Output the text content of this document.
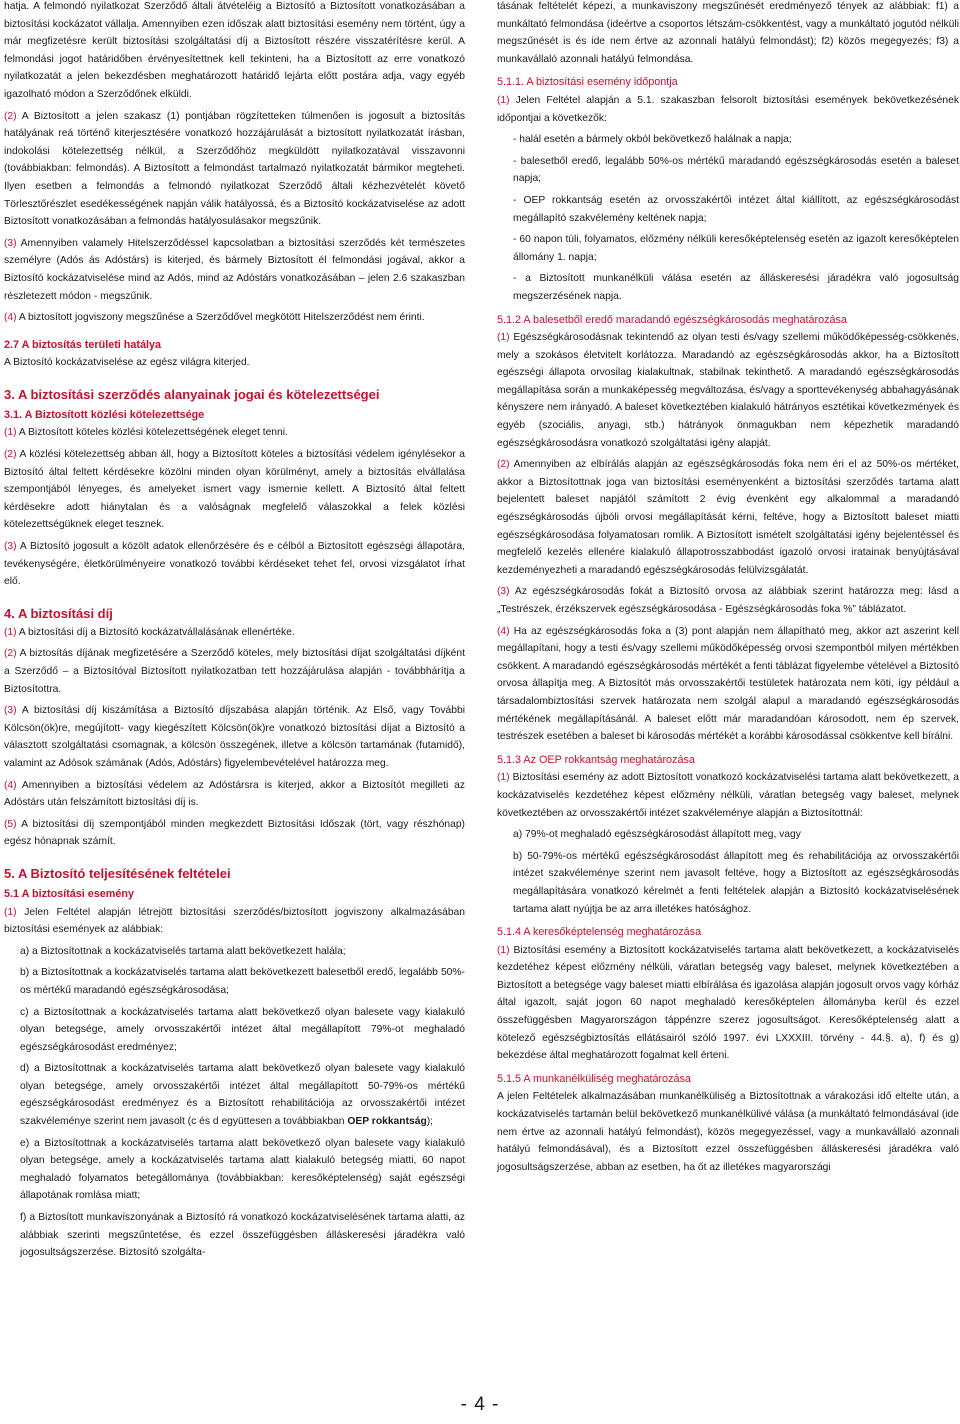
hatja. A felmondó nyilatkozat Szerződő általi átvételéig a Biztosító a Biztosított vonatkozásában a biztosítási kockázatot vállalja. Amennyiben ezen időszak alatt biztosítási esemény nem történt, úgy a már megfizetésre került biztosítási szolgáltatási díj a Biztosított részére visszatérítésre kerül. A felmondási jogot határidőben érvényesítettnek kell tekinteni, ha a Biztosított az erre vonatkozó nyilatkozatát a jelen bekezdésben meghatározott határidő lejárta előtt postára adja, vagy egyéb igazolható módon a Szerződőnek elküldi.

(2) A Biztosított a jelen szakasz (1) pontjában rögzítetteken túlmenően is jogosult a biztosítás hatályának reá történő kiterjesztésére vonatkozó hozzájárulását a biztosított nyilatkozatát írásban, indokolási kötelezettség nélkül, a Szerződőhöz megküldött nyilatkozatával visszavonni (továbbiakban: felmondás). A Biztosított a felmondást tartalmazó nyilatkozatát bármikor megteheti. Ilyen esetben a felmondás a felmondó nyilatkozat Szerződő általi kézhezvételét követő Törlesztőrészlet esedékességének napján válik hatályossá, és a Biztosító kockázatviselése az adott Biztosított vonatkozásában a felmondás hatályosulásakor megszűnik.

(3) Amennyiben valamely Hitelszerződéssel kapcsolatban a biztosítási szerződés két természetes személyre (Adós ás Adóstárs) is kiterjed, és bármely Biztosított él felmondási jogával, akkor a Biztosító kockázatviselése mind az Adós, mind az Adóstárs vonatkozásában – jelen 2.6 szakaszban részletezett módon - megszűnik.

(4) A biztosított jogviszony megszűnése a Szerződővel megkötött Hitelszerződést nem érinti.

2.7 A biztosítás területi hatálya

A Biztosító kockázatviselése az egész világra kiterjed.

3. A biztosítási szerződés alanyainak jogai és kötelezettségei

3.1. A Biztosított közlési kötelezettsége

(1) A Biztosított köteles közlési kötelezettségének eleget tenni.

(2) A közlési kötelezettség abban áll, hogy a Biztosított köteles a biztosítási védelem igénylésekor a Biztosító által feltett kérdésekre közölni minden olyan körülményt, amely a biztosítás elvállalása szempontjából lényeges, és amelyeket ismert vagy ismernie kellett. A Biztosító által feltett kérdésekre adott hiánytalan és a valóságnak megfelelő válaszokkal a felek közlési kötelezettségüknek eleget tesznek.

(3) A Biztosító jogosult a közölt adatok ellenőrzésére és e célból a Biztosított egészségi állapotára, tevékenységére, életkörülményeire vonatkozó további kérdéseket tehet fel, orvosi vizsgálatot írhat elő.

4. A biztosítási díj

(1) A biztosítási díj a Biztosító kockázatvállalásának ellenértéke.

(2) A biztosítás díjának megfizetésére a Szerződő köteles, mely biztosítási díjat szolgáltatási díjként a Szerződő – a Biztosítóval Biztosított nyilatkozatban tett hozzájárulása alapján - továbbhárítja a Biztosítottra.

(3) A biztosítási díj kiszámítása a Biztosító díjszabása alapján történik. Az Első, vagy További Kölcsön(ök)re, megújított- vagy kiegészített Kölcsön(ök)re vonatkozó biztosítási díjat a Biztosító a választott szolgáltatási csomagnak, a kölcsön összegének, illetve a kölcsön tartamának (futamidő), valamint az Adósok számának (Adós, Adóstárs) figyelembevételével határozza meg.

(4) Amennyiben a biztosítási védelem az Adóstársra is kiterjed, akkor a Biztosítót megilleti az Adóstárs után felszámított biztosítási díj is.

(5) A biztosítási díj szempontjából minden megkezdett Biztosítási Időszak (tört, vagy részhónap) egész hónapnak számít.

5. A Biztosító teljesítésének feltételei

5.1 A biztosítási esemény

(1) Jelen Feltétel alapján létrejött biztosítási szerződés/biztosított jogviszony alkalmazásában biztosítási események az alábbiak:

a) a Biztosítottnak a kockázatviselés tartama alatt bekövetkezett halála;

b) a Biztosítottnak a kockázatviselés tartama alatt bekövetkezett balesetből eredő, legalább 50%-os mértékű maradandó egészségkárosodása;

c) a Biztosítottnak a kockázatviselés tartama alatt bekövetkező olyan balesete vagy kialakuló olyan betegsége, amely orvosszakértői intézet által megállapított 79%-ot meghaladó egészségkárosodást eredményez;

d) a Biztosítottnak a kockázatviselés tartama alatt bekövetkező olyan balesete vagy kialakuló olyan betegsége, amely orvosszakértői intézet által megállapított 50-79%-os mértékű egészségkárosodást eredményez és a Biztosított rehabilitációja az orvosszakértői intézet szakvéleménye szerint nem javasolt (c és d együttesen a továbbiakban OEP rokkantság);

e) a Biztosítottnak a kockázatviselés tartama alatt bekövetkező olyan balesete vagy kialakuló olyan betegsége, amely a kockázatviselés tartama alatt kialakuló betegség miatti, 60 napot meghaladó folyamatos betegállománya (továbbiakban: keresőképtelenség) saját egészségi állapotának romlása miatt;

f) a Biztosított munkaviszonyának a Biztosító rá vonatkozó kockázatviselésének tartama alatti, az alábbiak szerinti megszűntetése, és ezzel összefüggésben álláskeresési járadékra való jogosultságszerzése. Biztosító szolgálta-

tásának feltételét képezi, a munkaviszony megszűnését eredményező tények az alábbiak: f1) a munkáltató felmondása (ideértve a csoportos létszám-csökkentést, vagy a munkáltató jogutód nélküli megszűnését is és ide nem értve az azonnali hatályú felmondást); f2) közös megegyezés; f3) a munkavállaló azonnali hatályú felmondása.

5.1.1. A biztosítási esemény időpontja

(1) Jelen Feltétel alapján a 5.1. szakaszban felsorolt biztosítási események bekövetkezésének időpontjai a következők:

- halál esetén a bármely okból bekövetkező halálnak a napja;

- balesetből eredő, legalább 50%-os mértékű maradandó egészségkárosodás esetén a baleset napja;

- OEP rokkantság esetén az orvosszakértői intézet által kiállított, az egészségkárosodást megállapító szakvélemény keltének napja;

- 60 napon túli, folyamatos, előzmény nélküli keresőképtelenség esetén az igazolt keresőképtelen állomány 1. napja;

- a Biztosított munkanélküli válása esetén az álláskeresési járadékra való jogosultság megszerzésének napja.

5.1.2 A balesetből eredő maradandó egészségkárosodás meghatározása

(1) Egészségkárosodásnak tekintendő az olyan testi és/vagy szellemi működőképesség-csökkenés, mely a szokásos életvitelt korlátozza. Maradandó az egészségkárosodás akkor, ha a Biztosított egészségi állapota orvosilag kialakultnak, stabilnak tekinthető. A maradandó egészségkárosodás megállapítása során a munkaképesség megváltozása, és/vagy a sporttevékenység abbahagyásának kényszere nem irányadó. A baleset következtében kialakuló hátrányos esztétikai következmények és egyéb (szociális, anyagi, stb.) hátrányok önmagukban nem képezhetik maradandó egészségkárosodásra vonatkozó szolgáltatási igény alapját.

(2) Amennyiben az elbírálás alapján az egészségkárosodás foka nem éri el az 50%-os mértéket, akkor a Biztosítottnak joga van biztosítási eseményenként a biztosítási szerződés tartama alatt bejelentett baleset napjától számított 2 évig évenként egy alkalommal a maradandó egészségkárosodás újbóli orvosi megállapítását kérni, feltéve, hogy a Biztosított baleset miatti egészségkárosodása folyamatosan romlik. A Biztosított ismételt szolgáltatási igény bejelentéssel és megfelelő kezelés ellenére kialakuló állapotrosszabbodást igazoló orvosi iratainak benyújtásával kezdeményezheti a maradandó egészségkárosodás felülvizsgálatát.

(3) Az egészségkárosodás fokát a Biztosító orvosa az alábbiak szerint határozza meg: lásd a „Testrészek, érzékszervek egészségkárosodása - Egészségkárosodás foka %” táblázatot.

(4) Ha az egészségkárosodás foka a (3) pont alapján nem állapítható meg, akkor azt aszerint kell megállapítani, hogy a testi és/vagy szellemi működőképesség orvosi szempontból milyen mértékben csökkent. A maradandó egészségkárosodás mértékét a fenti táblázat figyelembe vételével a Biztosító orvosa állapítja meg. A Biztosítót más orvosszakértői testületek határozata nem köti, így például a társadalombiztosítási szervek határozata nem szolgál alapul a maradandó egészségkárosodás mértékének megállapításánál. A baleset előtt már maradandóan károsodott, nem ép szervek, testrészek esetében a baleset bi károsodás mértékét a korábbi károsodással csökkentve kell bírálni.

5.1.3 Az OEP rokkantság meghatározása

(1) Biztosítási esemény az adott Biztosított vonatkozó kockázatviselési tartama alatt bekövetkezett, a kockázatviselés kezdetéhez képest előzmény nélküli, váratlan betegség vagy baleset, melynek következtében az orvosszakértői intézet szakvéleménye alapján a Biztosítottnál:

a) 79%-ot meghaladó egészségkárosodást állapított meg, vagy

b) 50-79%-os mértékű egészségkárosodást állapított meg és rehabilitációja az orvosszakértői intézet szakvéleménye szerint nem javasolt feltéve, hogy a Biztosított az egészségkárosodás megállapítására vonatkozó kérelmét a fenti feltételek alapján a Biztosító kockázatviselésének tartama alatt nyújtja be az arra illetékes hatósághoz.

5.1.4 A keresőképtelenség meghatározása

(1) Biztosítási esemény a Biztosított kockázatviselés tartama alatt bekövetkezett, a kockázatviselés kezdetéhez képest előzmény nélküli, váratlan betegség vagy baleset, melynek következtében a Biztosított a betegsége vagy baleset miatti elbírálása és igazolása alapján jogosult orvos vagy kórház által igazolt, saját jogon 60 napot meghaladó keresőképtelen állományba kerül és ezzel összefüggésben Magyarországon táppénzre szerez jogosultságot. Keresőképtelenség alatt a kötelező egészségbiztosítás ellátásairól szóló 1997. évi LXXXIII. törvény - 44.§. a), f) és g) bekezdése által meghatározott fogalmat kell érteni.

5.1.5 A munkanélküliség meghatározása

A jelen Feltételek alkalmazásában munkanélküliség a Biztosítottnak a várakozási idő eltelte után, a kockázatviselés tartamán belül bekövetkező munkanélkülivé válása (a munkáltató felmondásával (ide nem értve az azonnali hatályú felmondást), közös megegyezéssel, vagy a munkavállaló azonnali hatályú felmondásával), és a Biztosított ezzel összefüggésben álláskeresési járadékra való jogosultságszerzése, abban az esetben, ha őt az illetékes magyarországi

- 4 -
